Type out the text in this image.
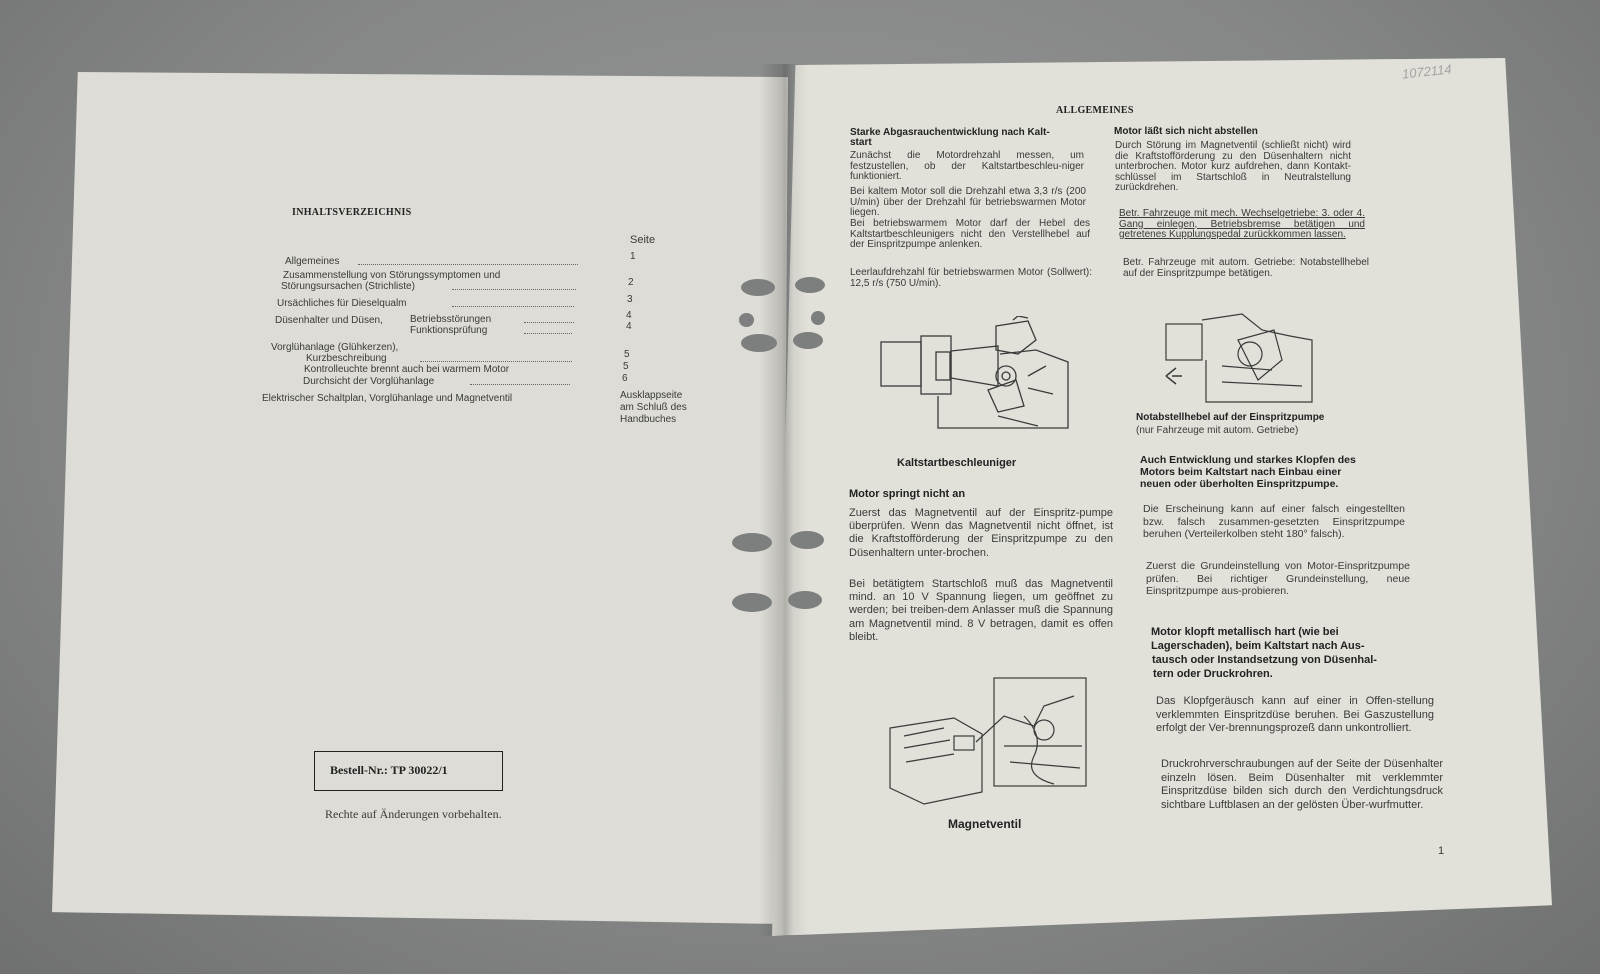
INHALTSVERZEICHNIS
Seite
Allgemeines	1
Zusammenstellung von Störungssymptomen und
Störungsursachen (Strichliste)	2
Ursächliches für Dieselqualm	3
Düsenhalter und Düsen,	Betriebsstörungen	4
Funktionsprüfung	4
Vorglühanlage (Glühkerzen),
Kurzbeschreibung	5
Kontrolleuchte brennt auch bei warmem Motor	5
Durchsicht der Vorglühanlage	6
Elektrischer Schaltplan, Vorglühanlage und Magnetventil	Ausklappseite
am Schluß des
Handbuches
Bestell-Nr.: TP 30022/1
Rechte auf Änderungen vorbehalten.
1072114
ALLGEMEINES
Starke Abgasrauchentwicklung nach Kalt-
start
Zunächst die Motordrehzahl messen, um festzustellen, ob der Kaltstartbeschleu-niger funktioniert.
Bei kaltem Motor soll die Drehzahl etwa 3,3 r/s (200 U/min) über der Drehzahl für betriebswarmen Motor liegen.
Bei betriebswarmem Motor darf der Hebel des Kaltstartbeschleunigers nicht den Verstellhebel auf der Einspritzpumpe anlenken.
Leerlaufdrehzahl für betriebswarmen Motor (Sollwert): 12,5 r/s (750 U/min).
Kaltstartbeschleuniger
Motor springt nicht an
Zuerst das Magnetventil auf der Einspritz-pumpe überprüfen. Wenn das Magnetventil nicht öffnet, ist die Kraftstofförderung der Einspritzpumpe zu den Düsenhaltern unter-brochen.
Bei betätigtem Startschloß muß das Magnetventil mind. an 10 V Spannung liegen, um geöffnet zu werden; bei treiben-dem Anlasser muß die Spannung am Magnetventil mind. 8 V betragen, damit es offen bleibt.
Magnetventil
Motor läßt sich nicht abstellen
Durch Störung im Magnetventil (schließt nicht) wird die Kraftstofförderung zu den Düsenhaltern nicht unterbrochen. Motor kurz aufdrehen, dann Kontakt-schlüssel im Startschloß in Neutralstellung zurückdrehen.
Betr. Fahrzeuge mit mech. Wechselgetriebe: 3. oder 4. Gang einlegen, Betriebsbremse betätigen und getretenes Kupplungspedal zurückkommen lassen.
Betr. Fahrzeuge mit autom. Getriebe: Notabstellhebel auf der Einspritzpumpe betätigen.
Notabstellhebel auf der Einspritzpumpe
(nur Fahrzeuge mit autom. Getriebe)
Auch Entwicklung und starkes Klopfen des
Motors beim Kaltstart nach Einbau einer
neuen oder überholten Einspritzpumpe.
Die Erscheinung kann auf einer falsch eingestellten bzw. falsch zusammen-gesetzten Einspritzpumpe beruhen (Verteilerkolben steht 180° falsch).
Zuerst die Grundeinstellung von Motor-Einspritzpumpe prüfen. Bei richtiger Grundeinstellung, neue Einspritzpumpe aus-probieren.
Motor klopft metallisch hart (wie bei
Lagerschaden), beim Kaltstart nach Aus-
tausch oder Instandsetzung von Düsenhal-
tern oder Druckrohren.
Das Klopfgeräusch kann auf einer in Offen-stellung verklemmten Einspritzdüse beruhen. Bei Gaszustellung erfolgt der Ver-brennungsprozeß dann unkontrolliert.
Druckrohrverschraubungen auf der Seite der Düsenhalter einzeln lösen. Beim Düsenhalter mit verklemmter Einspritzdüse bilden sich durch den Verdichtungsdruck sichtbare Luftblasen an der gelösten Über-wurfmutter.
1
